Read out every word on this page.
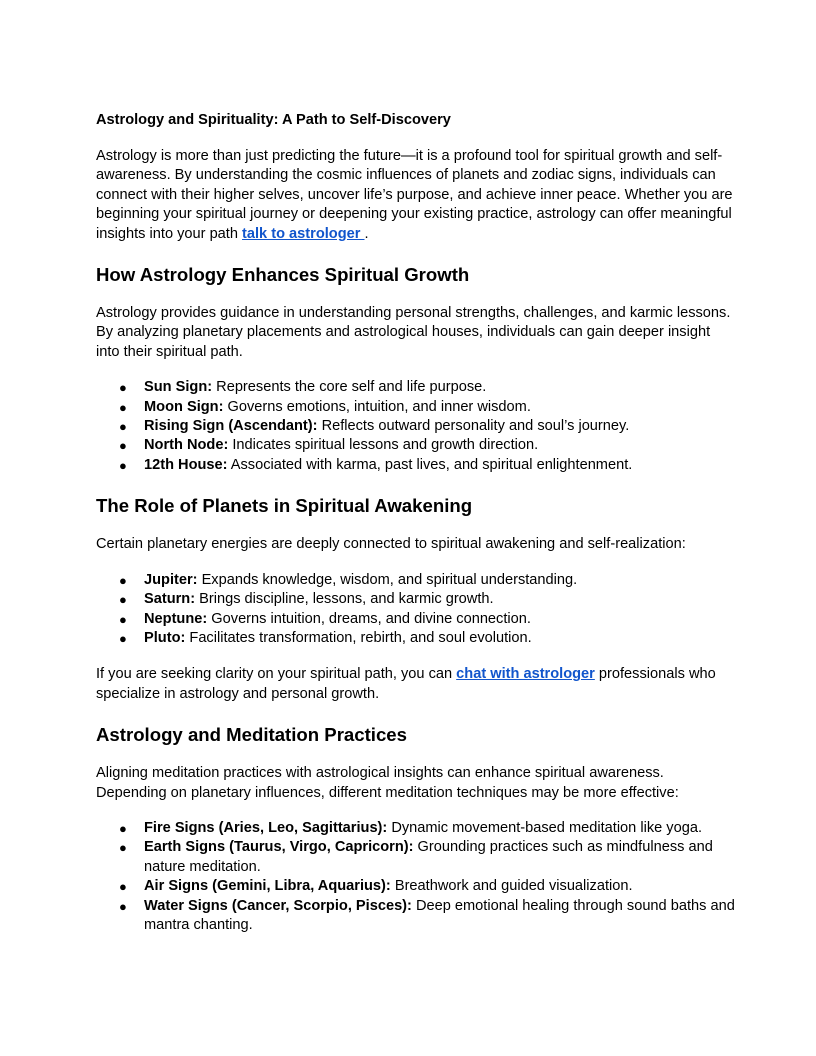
Astrology and Spirituality: A Path to Self-Discovery

Astrology is more than just predicting the future—it is a profound tool for spiritual growth and self-awareness. By understanding the cosmic influences of planets and zodiac signs, individuals can connect with their higher selves, uncover life’s purpose, and achieve inner peace. Whether you are beginning your spiritual journey or deepening your existing practice, astrology can offer meaningful insights into your path talk to astrologer .

How Astrology Enhances Spiritual Growth

Astrology provides guidance in understanding personal strengths, challenges, and karmic lessons. By analyzing planetary placements and astrological houses, individuals can gain deeper insight into their spiritual path.

● Sun Sign: Represents the core self and life purpose.
● Moon Sign: Governs emotions, intuition, and inner wisdom.
● Rising Sign (Ascendant): Reflects outward personality and soul’s journey.
● North Node: Indicates spiritual lessons and growth direction.
● 12th House: Associated with karma, past lives, and spiritual enlightenment.
The Role of Planets in Spiritual Awakening

Certain planetary energies are deeply connected to spiritual awakening and self-realization:

● Jupiter: Expands knowledge, wisdom, and spiritual understanding.
● Saturn: Brings discipline, lessons, and karmic growth.
● Neptune: Governs intuition, dreams, and divine connection.
● Pluto: Facilitates transformation, rebirth, and soul evolution.

If you are seeking clarity on your spiritual path, you can chat with astrologer professionals who specialize in astrology and personal growth.

Astrology and Meditation Practices

Aligning meditation practices with astrological insights can enhance spiritual awareness. Depending on planetary influences, different meditation techniques may be more effective:

● Fire Signs (Aries, Leo, Sagittarius): Dynamic movement-based meditation like yoga.
● Earth Signs (Taurus, Virgo, Capricorn): Grounding practices such as mindfulness and nature meditation.
● Air Signs (Gemini, Libra, Aquarius): Breathwork and guided visualization.
● Water Signs (Cancer, Scorpio, Pisces): Deep emotional healing through sound baths and mantra chanting.
